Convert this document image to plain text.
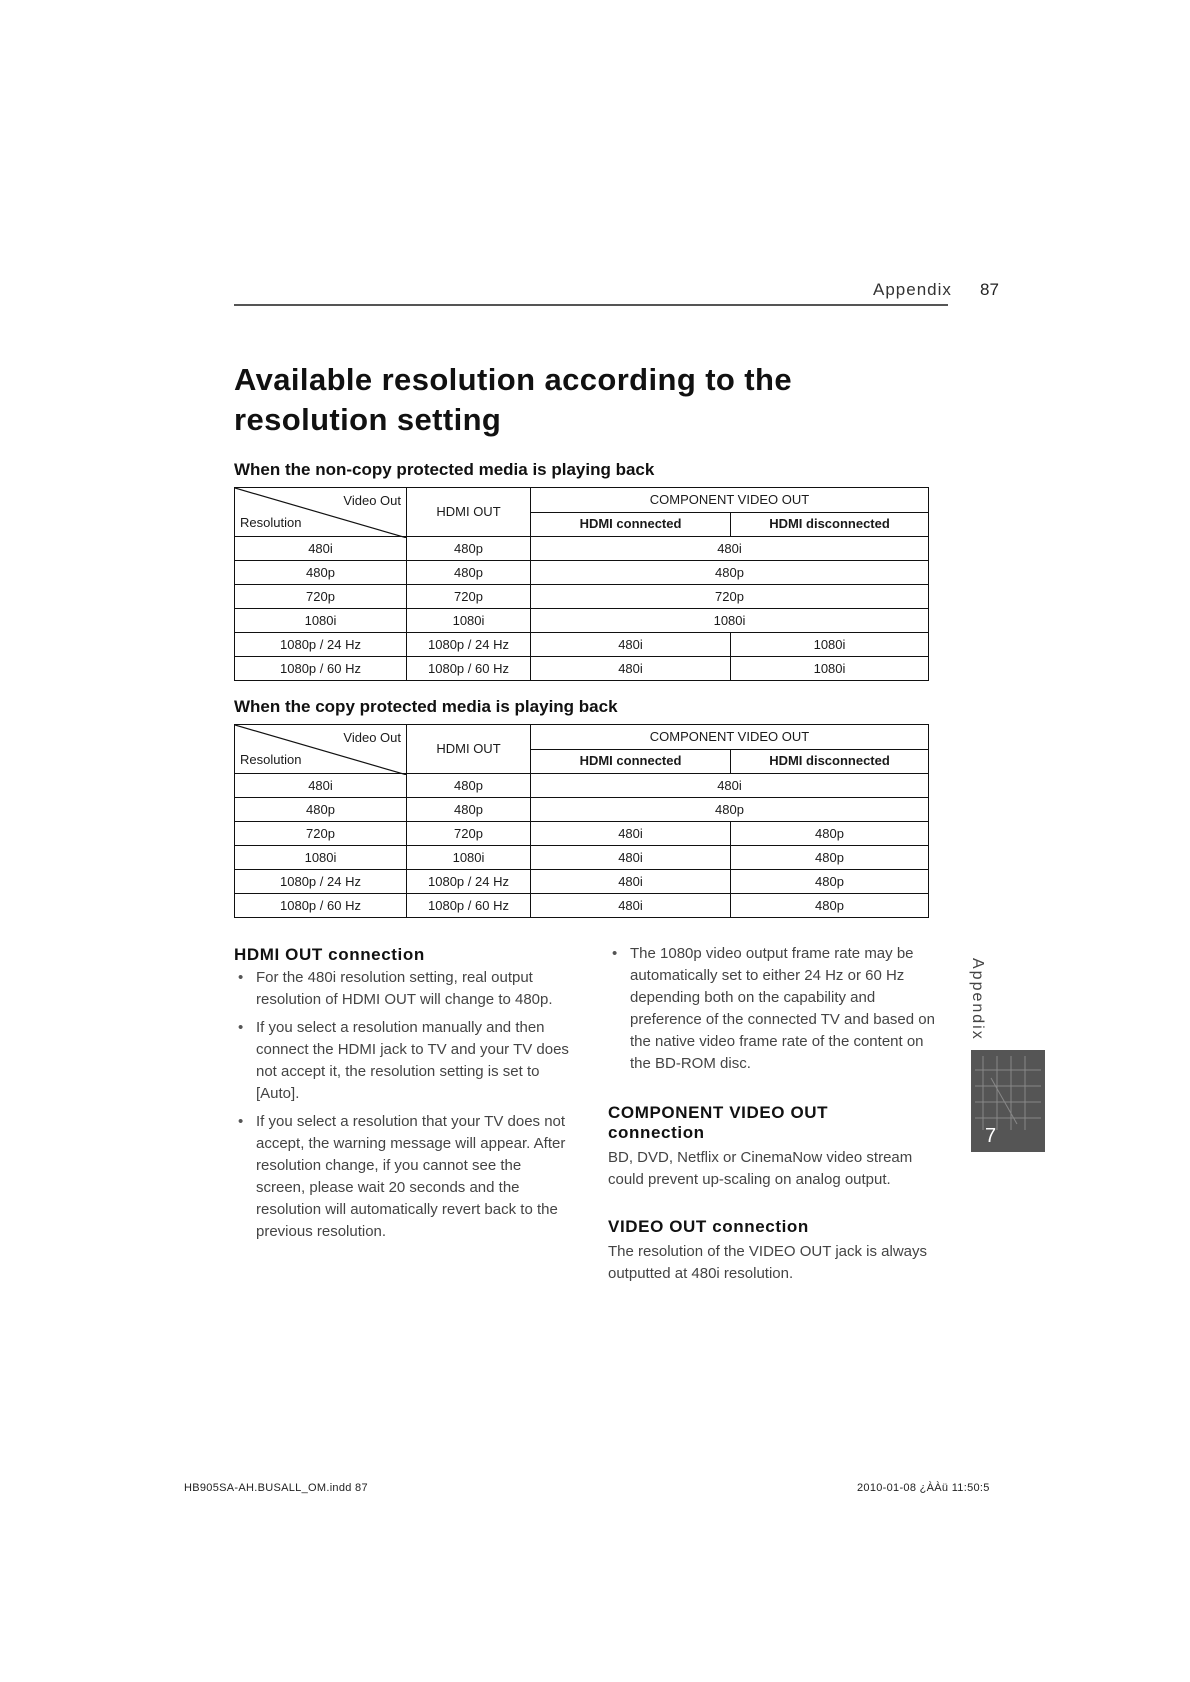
Appendix 87
Available resolution according to the resolution setting
When the non-copy protected media is playing back
Video Out
Resolution	HDMI OUT	COMPONENT VIDEO OUT	
		HDMI connected	HDMI disconnected
480i	480p	480i	
480p	480p	480p	
720p	720p	720p	
1080i	1080i	1080i	
1080p / 24 Hz	1080p / 24 Hz	480i	1080i
1080p / 60 Hz	1080p / 60 Hz	480i	1080i
When the copy protected media is playing back
Video Out
Resolution	HDMI OUT	COMPONENT VIDEO OUT	
		HDMI connected	HDMI disconnected
480i	480p	480i	
480p	480p	480p	
720p	720p	480i	480p
1080i	1080i	480i	480p
1080p / 24 Hz	1080p / 24 Hz	480i	480p
1080p / 60 Hz	1080p / 60 Hz	480i	480p
HDMI OUT connection
• For the 480i resolution setting, real output resolution of HDMI OUT will change to 480p.
• If you select a resolution manually and then connect the HDMI jack to TV and your TV does not accept it, the resolution setting is set to [Auto].
• If you select a resolution that your TV does not accept, the warning message will appear. After resolution change, if you cannot see the screen, please wait 20 seconds and the resolution will automatically revert back to the previous resolution.
• The 1080p video output frame rate may be automatically set to either 24 Hz or 60 Hz depending both on the capability and preference of the connected TV and based on the native video frame rate of the content on the BD-ROM disc.
COMPONENT VIDEO OUT
connection
BD, DVD, Netflix or CinemaNow video stream could prevent up-scaling on analog output.
VIDEO OUT connection
The resolution of the VIDEO OUT jack is always outputted at 480i resolution.
Appendix
7
HB905SA-AH.BUSALL_OM.indd 87	2010-01-08 ¿ÀÀü 11:50:5
